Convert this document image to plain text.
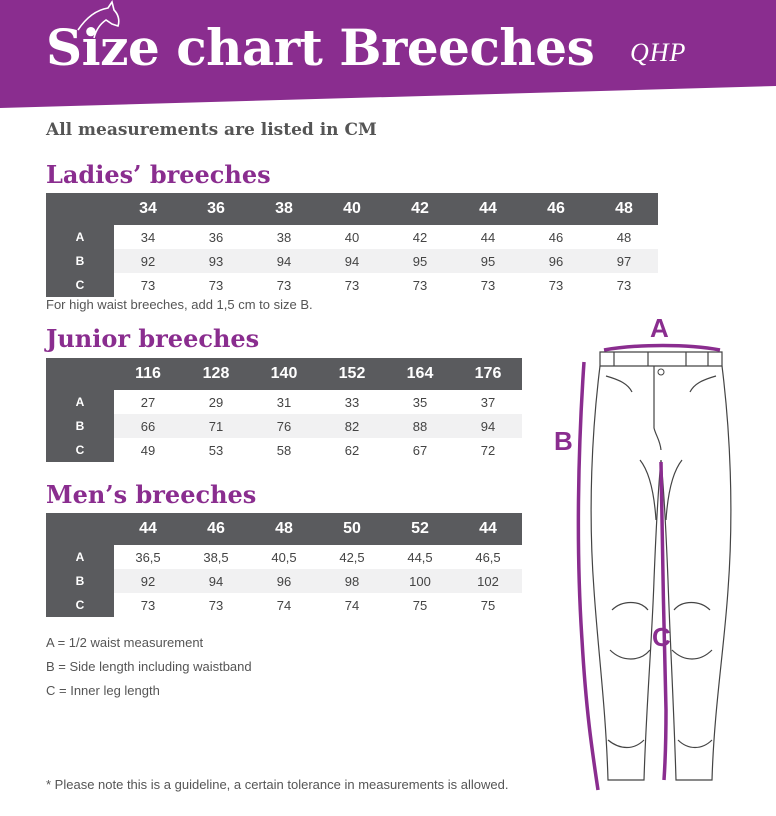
Size chart Breeches QHP
All measurements are listed in CM
Ladies’ breeches
	34	36	38	40	42	44	46	48
A	34	36	38	40	42	44	46	48
B	92	93	94	94	95	95	96	97
C	73	73	73	73	73	73	73	73
For high waist breeches, add 1,5 cm to size B.
Junior breeches
	116	128	140	152	164	176
A	27	29	31	33	35	37
B	66	71	76	82	88	94
C	49	53	58	62	67	72
Men’s breeches
	44	46	48	50	52	44
A	36,5	38,5	40,5	42,5	44,5	46,5
B	92	94	96	98	100	102
C	73	73	74	74	75	75
A = 1/2 waist measurement
B = Side length including waistband
C = Inner leg length
* Please note this is a guideline, a certain tolerance in measurements is allowed.
A
B
C
